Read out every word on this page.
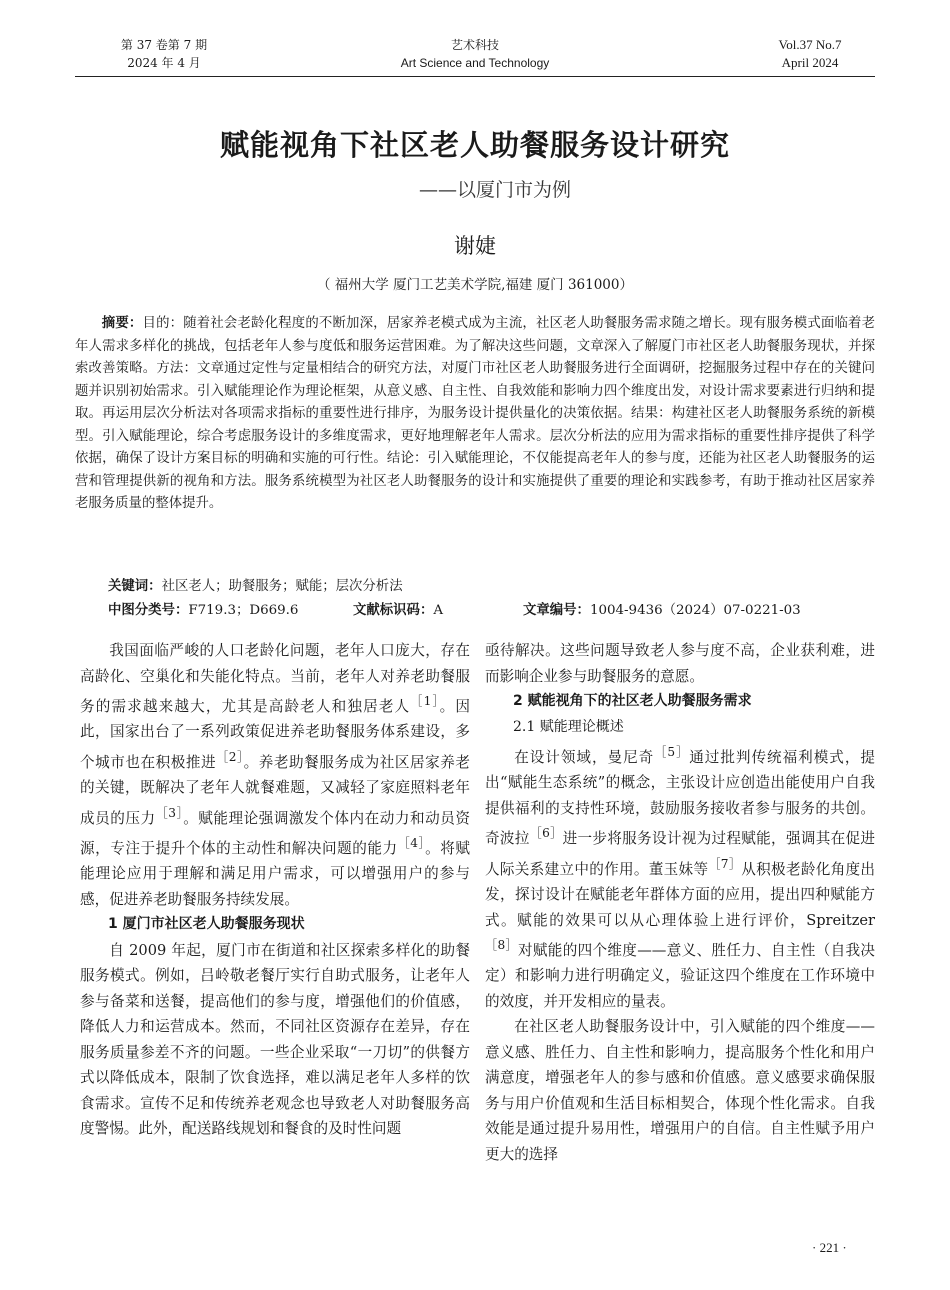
第 37 卷第 7 期
2024 年 4 月
艺术科技
Art Science and Technology
Vol.37 No.7
April 2024
赋能视角下社区老人助餐服务设计研究
——以厦门市为例
谢婕
（ 福州大学 厦门工艺美术学院,福建 厦门 361000）
摘要：目的：随着社会老龄化程度的不断加深，居家养老模式成为主流，社区老人助餐服务需求随之增长。现有服务模式面临着老年人需求多样化的挑战，包括老年人参与度低和服务运营困难。为了解决这些问题，文章深入了解厦门市社区老人助餐服务现状，并探索改善策略。方法：文章通过定性与定量相结合的研究方法，对厦门市社区老人助餐服务进行全面调研，挖掘服务过程中存在的关键问题并识别初始需求。引入赋能理论作为理论框架，从意义感、自主性、自我效能和影响力四个维度出发，对设计需求要素进行归纳和提取。再运用层次分析法对各项需求指标的重要性进行排序，为服务设计提供量化的决策依据。结果：构建社区老人助餐服务系统的新模型。引入赋能理论，综合考虑服务设计的多维度需求，更好地理解老年人需求。层次分析法的应用为需求指标的重要性排序提供了科学依据，确保了设计方案目标的明确和实施的可行性。结论：引入赋能理论，不仅能提高老年人的参与度，还能为社区老人助餐服务的运营和管理提供新的视角和方法。服务系统模型为社区老人助餐服务的设计和实施提供了重要的理论和实践参考，有助于推动社区居家养老服务质量的整体提升。
关键词：社区老人；助餐服务；赋能；层次分析法
中图分类号：F719.3；D669.6	文献标识码：A	文章编号：1004-9436（2024）07-0221-03

我国面临严峻的人口老龄化问题，老年人口庞大，存在高龄化、空巢化和失能化特点。当前，老年人对养老助餐服务的需求越来越大，尤其是高龄老人和独居老人$^{[1]}$。因此，国家出台了一系列政策促进养老助餐服务体系建设，多个城市也在积极推进$^{[2]}$。养老助餐服务成为社区居家养老的关键，既解决了老年人就餐难题，又减轻了家庭照料老年成员的压力$^{[3]}$。赋能理论强调激发个体内在动力和动员资源，专注于提升个体的主动性和解决问题的能力$^{[4]}$。将赋能理论应用于理解和满足用户需求，可以增强用户的参与感，促进养老助餐服务持续发展。

1 厦门市社区老人助餐服务现状

自 2009 年起，厦门市在街道和社区探索多样化的助餐服务模式。例如，吕岭敬老餐厅实行自助式服务，让老年人参与备菜和送餐，提高他们的参与度，增强他们的价值感，降低人力和运营成本。然而，不同社区资源存在差异，存在服务质量参差不齐的问题。一些企业采取“一刀切”的供餐方式以降低成本，限制了饮食选择，难以满足老年人多样的饮食需求。宣传不足和传统养老观念也导致老人对助餐服务高度警惕。此外，配送路线规划和餐食的及时性问题

亟待解决。这些问题导致老人参与度不高，企业获利难，进而影响企业参与助餐服务的意愿。

2 赋能视角下的社区老人助餐服务需求
2.1 赋能理论概述

在设计领域，曼尼奇$^{[5]}$通过批判传统福利模式，提出“赋能生态系统”的概念，主张设计应创造出能使用户自我提供福利的支持性环境，鼓励服务接收者参与服务的共创。奇波拉$^{[6]}$进一步将服务设计视为过程赋能，强调其在促进人际关系建立中的作用。董玉妹等$^{[7]}$从积极老龄化角度出发，探讨设计在赋能老年群体方面的应用，提出四种赋能方式。赋能的效果可以从心理体验上进行评价，Spreitzer$^{[8]}$对赋能的四个维度——意义、胜任力、自主性（自我决定）和影响力进行明确定义，验证这四个维度在工作环境中的效度，并开发相应的量表。

在社区老人助餐服务设计中，引入赋能的四个维度——意义感、胜任力、自主性和影响力，提高服务个性化和用户满意度，增强老年人的参与感和价值感。意义感要求确保服务与用户价值观和生活目标相契合，体现个性化需求。自我效能是通过提升易用性，增强用户的自信。自主性赋予用户更大的选择

· 221 ·
